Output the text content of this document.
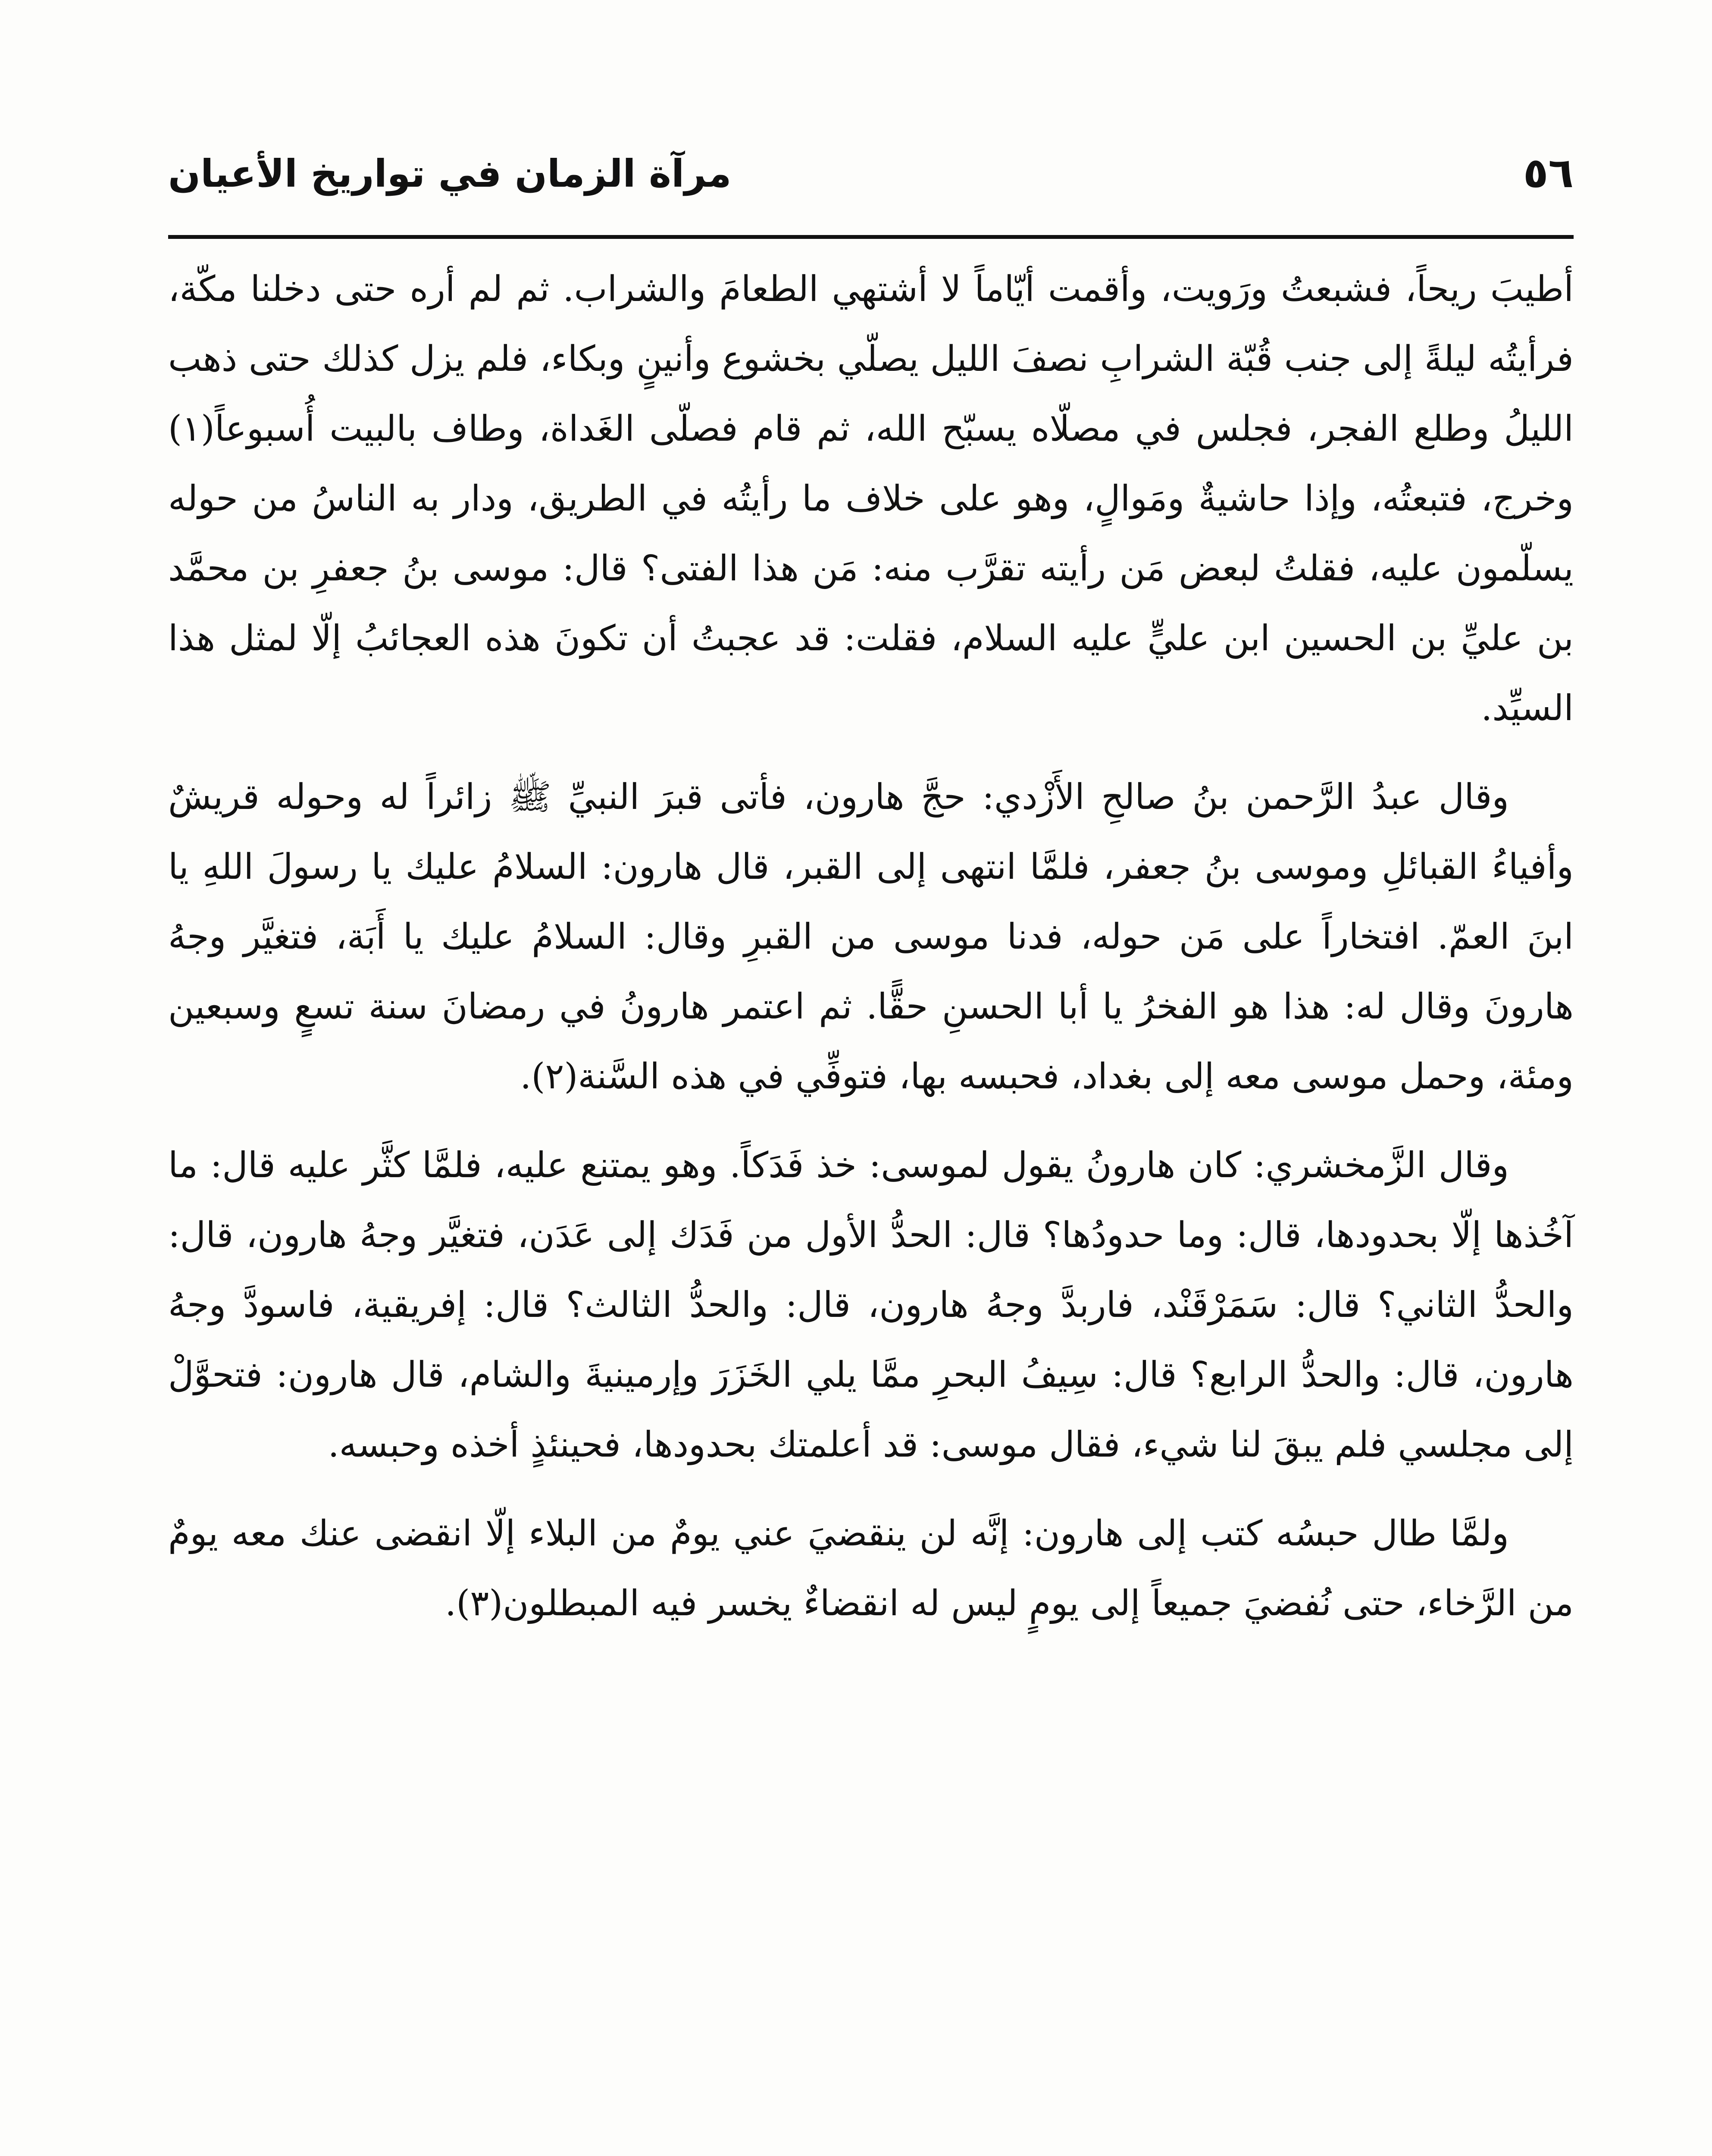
٥٦
مرآة الزمان في تواريخ الأعيان

أطيبَ ريحاً، فشبعتُ ورَويت، وأقمت أيّاماً لا أشتهي الطعامَ والشراب. ثم لم أره حتى دخلنا مكّة، فرأيتُه ليلةً إلى جنب قُبّة الشرابِ نصفَ الليل يصلّي بخشوع وأنينٍ وبكاء، فلم يزل كذلك حتى ذهب الليلُ وطلع الفجر، فجلس في مصلّاه يسبّح الله، ثم قام فصلّى الغَداة، وطاف بالبيت أُسبوعاً(١) وخرج، فتبعتُه، وإذا حاشيةٌ ومَوالٍ، وهو على خلاف ما رأيتُه في الطريق، ودار به الناسُ من حوله يسلّمون عليه، فقلتُ لبعض مَن رأيته تقرَّب منه: مَن هذا الفتى؟ قال: موسى بنُ جعفرِ بن محمَّد بن عليِّ بن الحسين ابن عليٍّ عليه السلام، فقلت: قد عجبتُ أن تكونَ هذه العجائبُ إلّا لمثل هذا السيِّد.

وقال عبدُ الرَّحمن بنُ صالحِ الأَزْدي: حجَّ هارون، فأتى قبرَ النبيِّ ﷺ زائراً له وحوله قريشٌ وأفياءُ القبائلِ وموسى بنُ جعفر، فلمَّا انتهى إلى القبر، قال هارون: السلامُ عليك يا رسولَ اللهِ يا ابنَ العمّ. افتخاراً على مَن حوله، فدنا موسى من القبرِ وقال: السلامُ عليك يا أَبَة، فتغيَّر وجهُ هارونَ وقال له: هذا هو الفخرُ يا أبا الحسنِ حقًّا. ثم اعتمر هارونُ في رمضانَ سنة تسعٍ وسبعين ومئة، وحمل موسى معه إلى بغداد، فحبسه بها، فتوفِّي في هذه السَّنة(٢).

وقال الزَّمخشري: كان هارونُ يقول لموسى: خذ فَدَكاً. وهو يمتنع عليه، فلمَّا كثَّر عليه قال: ما آخُذها إلّا بحدودها، قال: وما حدودُها؟ قال: الحدُّ الأول من فَدَك إلى عَدَن، فتغيَّر وجهُ هارون، قال: والحدُّ الثاني؟ قال: سَمَرْقَنْد، فاربدَّ وجهُ هارون، قال: والحدُّ الثالث؟ قال: إفريقية، فاسودَّ وجهُ هارون، قال: والحدُّ الرابع؟ قال: سِيفُ البحرِ ممَّا يلي الخَزَرَ وإرمينيةَ والشام، قال هارون: فتحوَّلْ إلى مجلسي فلم يبقَ لنا شيء، فقال موسى: قد أعلمتك بحدودها، فحينئذٍ أخذه وحبسه.

ولمَّا طال حبسُه كتب إلى هارون: إنَّه لن ينقضيَ عني يومٌ من البلاء إلّا انقضى عنك معه يومٌ من الرَّخاء، حتى نُفضيَ جميعاً إلى يومٍ ليس له انقضاءٌ يخسر فيه المبطلون(٣).
